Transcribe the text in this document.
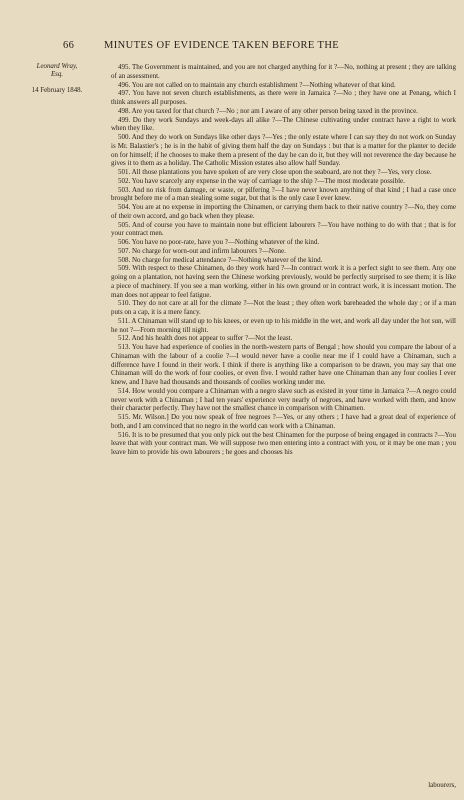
66	MINUTES OF EVIDENCE TAKEN BEFORE THE
Leonard Wray,
Esq.
14 February 1848.

495. The Government is maintained, and you are not charged anything for it ?—No, nothing at present ; they are talking of an assessment.

496. You are not called on to maintain any church establishment ?—Nothing whatever of that kind.

497. You have not seven church establishments, as there were in Jamaica ?—No ; they have one at Penang, which I think answers all purposes.

498. Are you taxed for that church ?—No ; nor am I aware of any other person being taxed in the province.

499. Do they work Sundays and week-days all alike ?—The Chinese cultivating under contract have a right to work when they like.

500. And they do work on Sundays like other days ?—Yes ; the only estate where I can say they do not work on Sunday is Mr. Balastier's ; he is in the habit of giving them half the day on Sundays : but that is a matter for the planter to decide on for himself; if he chooses to make them a present of the day he can do it, but they will not reverence the day because he gives it to them as a holiday. The Catholic Mission estates also allow half Sunday.

501. All those plantations you have spoken of are very close upon the seaboard, are not they ?—Yes, very close.

502. You have scarcely any expense in the way of carriage to the ship ?—The most moderate possible.

503. And no risk from damage, or waste, or pilfering ?—I have never known anything of that kind ; I had a case once brought before me of a man stealing some sugar, but that is the only case I ever knew.

504. You are at no expense in importing the Chinamen, or carrying them back to their native country ?—No, they come of their own accord, and go back when they please.

505. And of course you have to maintain none but efficient labourers ?—You have nothing to do with that ; that is for your contract men.

506. You have no poor-rate, have you ?—Nothing whatever of the kind.

507. No charge for worn-out and infirm labourers ?—None.

508. No charge for medical attendance ?—Nothing whatever of the kind.

509. With respect to these Chinamen, do they work hard ?—In contract work it is a perfect sight to see them. Any one going on a plantation, not having seen the Chinese working previously, would be perfectly surprised to see them; it is like a piece of machinery. If you see a man working, either in his own ground or in contract work, it is incessant motion. The man does not appear to feel fatigue.

510. They do not care at all for the climate ?—Not the least ; they often work bareheaded the whole day ; or if a man puts on a cap, it is a mere fancy.

511. A Chinaman will stand up to his knees, or even up to his middle in the wet, and work all day under the hot sun, will he not ?—From morning till night.

512. And his health does not appear to suffer ?—Not the least.

513. You have had experience of coolies in the north-western parts of Bengal ; how should you compare the labour of a Chinaman with the labour of a coolie ?—I would never have a coolie near me if I could have a Chinaman, such a difference have I found in their work. I think if there is anything like a comparison to be drawn, you may say that one Chinaman will do the work of four coolies, or even five. I would rather have one Chinaman than any four coolies I ever knew, and I have had thousands and thousands of coolies working under me.

514. How would you compare a Chinaman with a negro slave such as existed in your time in Jamaica ?—A negro could never work with a Chinaman ; I had ten years' experience very nearly of negroes, and have worked with them, and know their character perfectly. They have not the smallest chance in comparison with Chinamen.

515. Mr. Wilson.] Do you now speak of free negroes ?—Yes, or any others ; I have had a great deal of experience of both, and I am convinced that no negro in the world can work with a Chinaman.

516. It is to be presumed that you only pick out the best Chinamen for the purpose of being engaged in contracts ?—You leave that with your contract man. We will suppose two men entering into a contract with you, or it may be one man ; you leave him to provide his own labourers ; he goes and chooses his

labourers,
